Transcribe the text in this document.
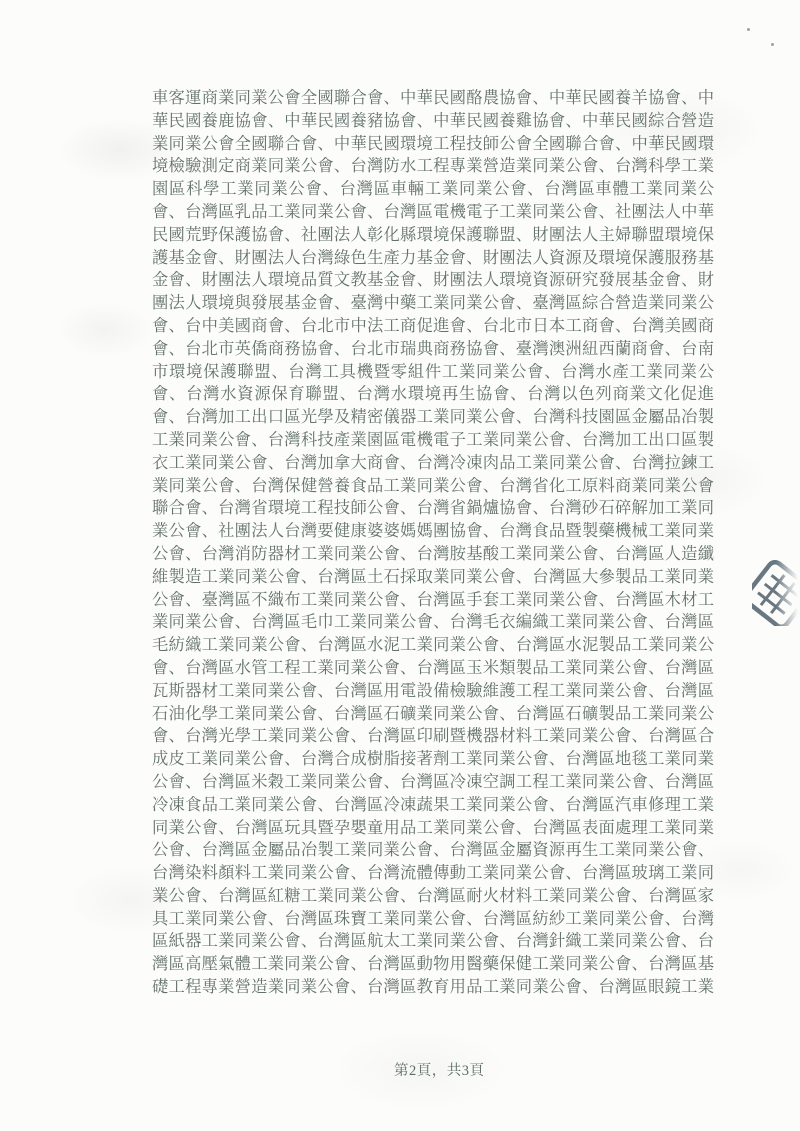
車客運商業同業公會全國聯合會、中華民國酪農協會、中華民國養羊協會、中
華民國養鹿協會、中華民國養豬協會、中華民國養雞協會、中華民國綜合營造
業同業公會全國聯合會、中華民國環境工程技師公會全國聯合會、中華民國環
境檢驗測定商業同業公會、台灣防水工程專業營造業同業公會、台灣科學工業
園區科學工業同業公會、台灣區車輛工業同業公會、台灣區車體工業同業公
會、台灣區乳品工業同業公會、台灣區電機電子工業同業公會、社團法人中華
民國荒野保護協會、社團法人彰化縣環境保護聯盟、財團法人主婦聯盟環境保
護基金會、財團法人台灣綠色生產力基金會、財團法人資源及環境保護服務基
金會、財團法人環境品質文教基金會、財團法人環境資源研究發展基金會、財
團法人環境與發展基金會、臺灣中藥工業同業公會、臺灣區綜合營造業同業公
會、台中美國商會、台北市中法工商促進會、台北市日本工商會、台灣美國商
會、台北市英僑商務協會、台北市瑞典商務協會、臺灣澳洲紐西蘭商會、台南
市環境保護聯盟、台灣工具機暨零組件工業同業公會、台灣水產工業同業公
會、台灣水資源保育聯盟、台灣水環境再生協會、台灣以色列商業文化促進
會、台灣加工出口區光學及精密儀器工業同業公會、台灣科技園區金屬品冶製
工業同業公會、台灣科技產業園區電機電子工業同業公會、台灣加工出口區製
衣工業同業公會、台灣加拿大商會、台灣冷凍肉品工業同業公會、台灣拉鍊工
業同業公會、台灣保健營養食品工業同業公會、台灣省化工原料商業同業公會
聯合會、台灣省環境工程技師公會、台灣省鍋爐協會、台灣砂石碎解加工業同
業公會、社團法人台灣要健康婆婆媽媽團協會、台灣食品暨製藥機械工業同業
公會、台灣消防器材工業同業公會、台灣胺基酸工業同業公會、台灣區人造纖
維製造工業同業公會、台灣區土石採取業同業公會、台灣區大參製品工業同業
公會、臺灣區不織布工業同業公會、台灣區手套工業同業公會、台灣區木材工
業同業公會、台灣區毛巾工業同業公會、台灣毛衣編織工業同業公會、台灣區
毛紡織工業同業公會、台灣區水泥工業同業公會、台灣區水泥製品工業同業公
會、台灣區水管工程工業同業公會、台灣區玉米類製品工業同業公會、台灣區
瓦斯器材工業同業公會、台灣區用電設備檢驗維護工程工業同業公會、台灣區
石油化學工業同業公會、台灣區石礦業同業公會、台灣區石礦製品工業同業公
會、台灣光學工業同業公會、台灣區印刷暨機器材料工業同業公會、台灣區合
成皮工業同業公會、台灣合成樹脂接著劑工業同業公會、台灣區地毯工業同業
公會、台灣區米穀工業同業公會、台灣區冷凍空調工程工業同業公會、台灣區
冷凍食品工業同業公會、台灣區冷凍蔬果工業同業公會、台灣區汽車修理工業
同業公會、台灣區玩具暨孕嬰童用品工業同業公會、台灣區表面處理工業同業
公會、台灣區金屬品冶製工業同業公會、台灣區金屬資源再生工業同業公會、
台灣染料顏料工業同業公會、台灣流體傳動工業同業公會、台灣區玻璃工業同
業公會、台灣區紅糖工業同業公會、台灣區耐火材料工業同業公會、台灣區家
具工業同業公會、台灣區珠寶工業同業公會、台灣區紡紗工業同業公會、台灣
區紙器工業同業公會、台灣區航太工業同業公會、台灣針織工業同業公會、台
灣區高壓氣體工業同業公會、台灣區動物用醫藥保健工業同業公會、台灣區基
礎工程專業營造業同業公會、台灣區教育用品工業同業公會、台灣區眼鏡工業
第2頁，共3頁
